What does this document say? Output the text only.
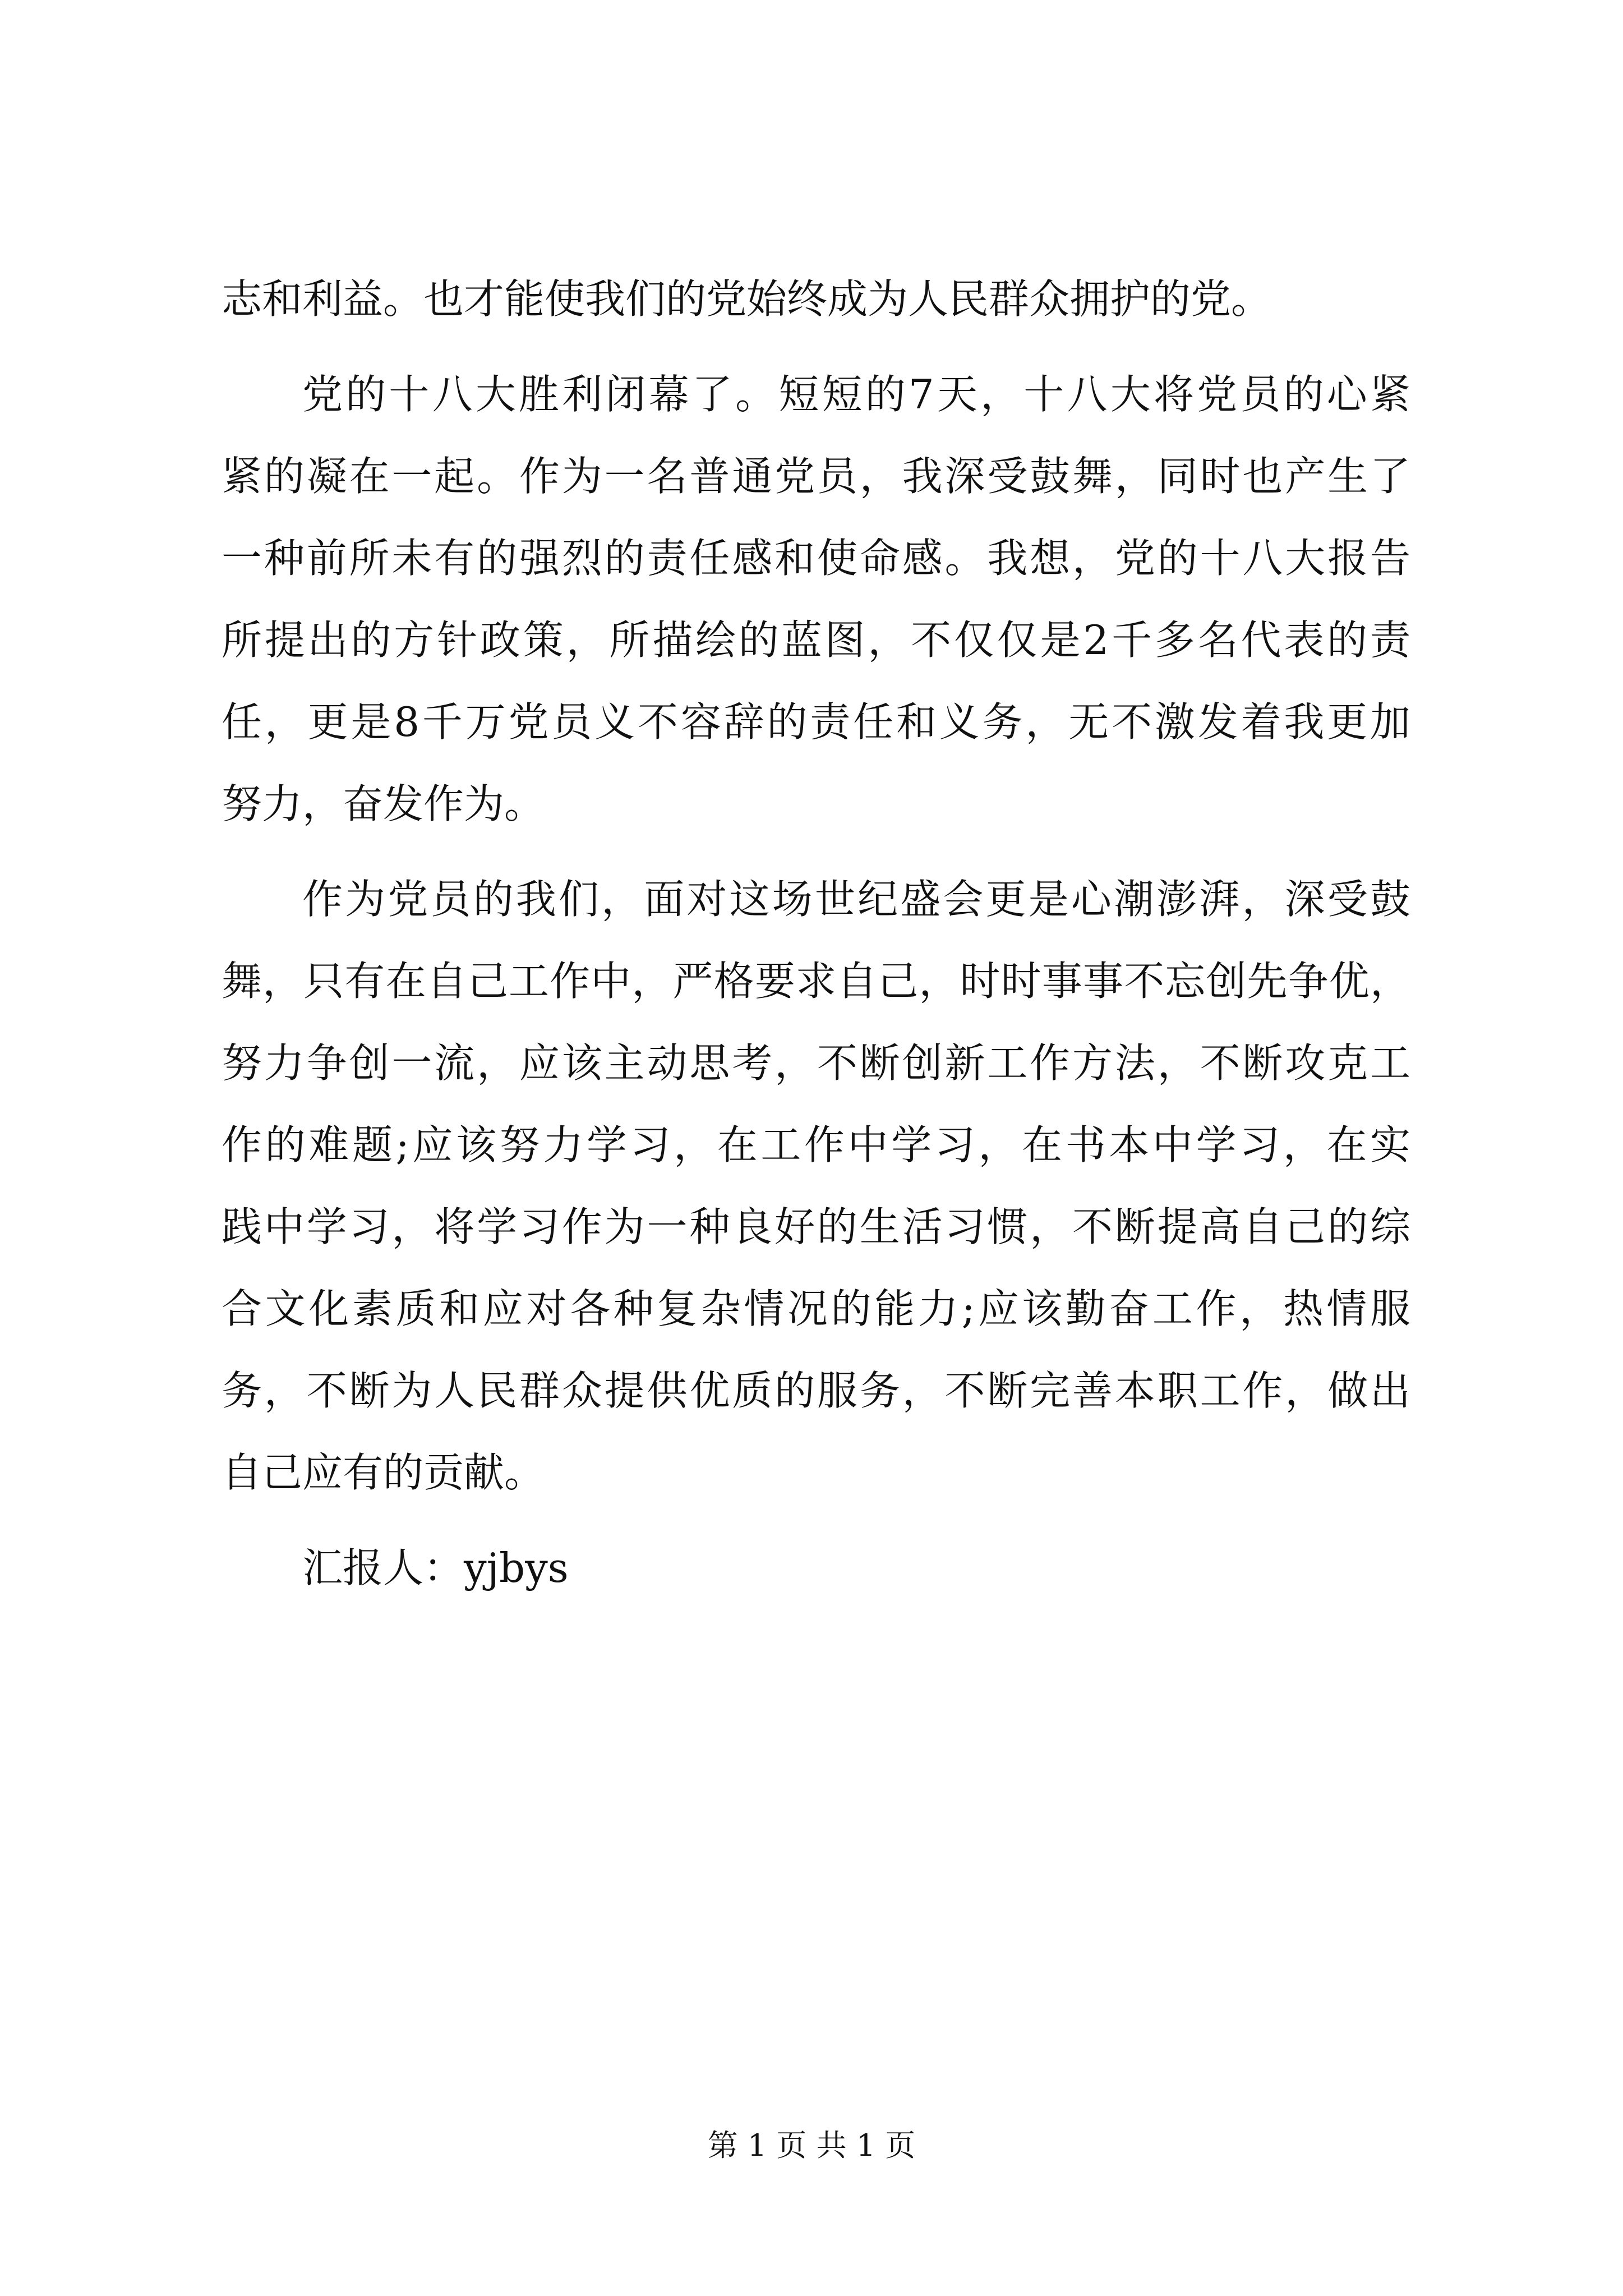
志和利益。也才能使我们的党始终成为人民群众拥护的党。
党的十八大胜利闭幕了。短短的7天，十八大将党员的心紧
紧的凝在一起。作为一名普通党员，我深受鼓舞，同时也产生了
一种前所未有的强烈的责任感和使命感。我想，党的十八大报告
所提出的方针政策，所描绘的蓝图，不仅仅是2千多名代表的责
任，更是8千万党员义不容辞的责任和义务，无不激发着我更加
努力，奋发作为。
作为党员的我们，面对这场世纪盛会更是心潮澎湃，深受鼓
舞，只有在自己工作中，严格要求自己，时时事事不忘创先争优，
努力争创一流，应该主动思考，不断创新工作方法，不断攻克工
作的难题;应该努力学习，在工作中学习，在书本中学习，在实
践中学习，将学习作为一种良好的生活习惯，不断提高自己的综
合文化素质和应对各种复杂情况的能力;应该勤奋工作，热情服
务，不断为人民群众提供优质的服务，不断完善本职工作，做出
自己应有的贡献。
汇报人：yjbys
第 1 页 共 1 页
